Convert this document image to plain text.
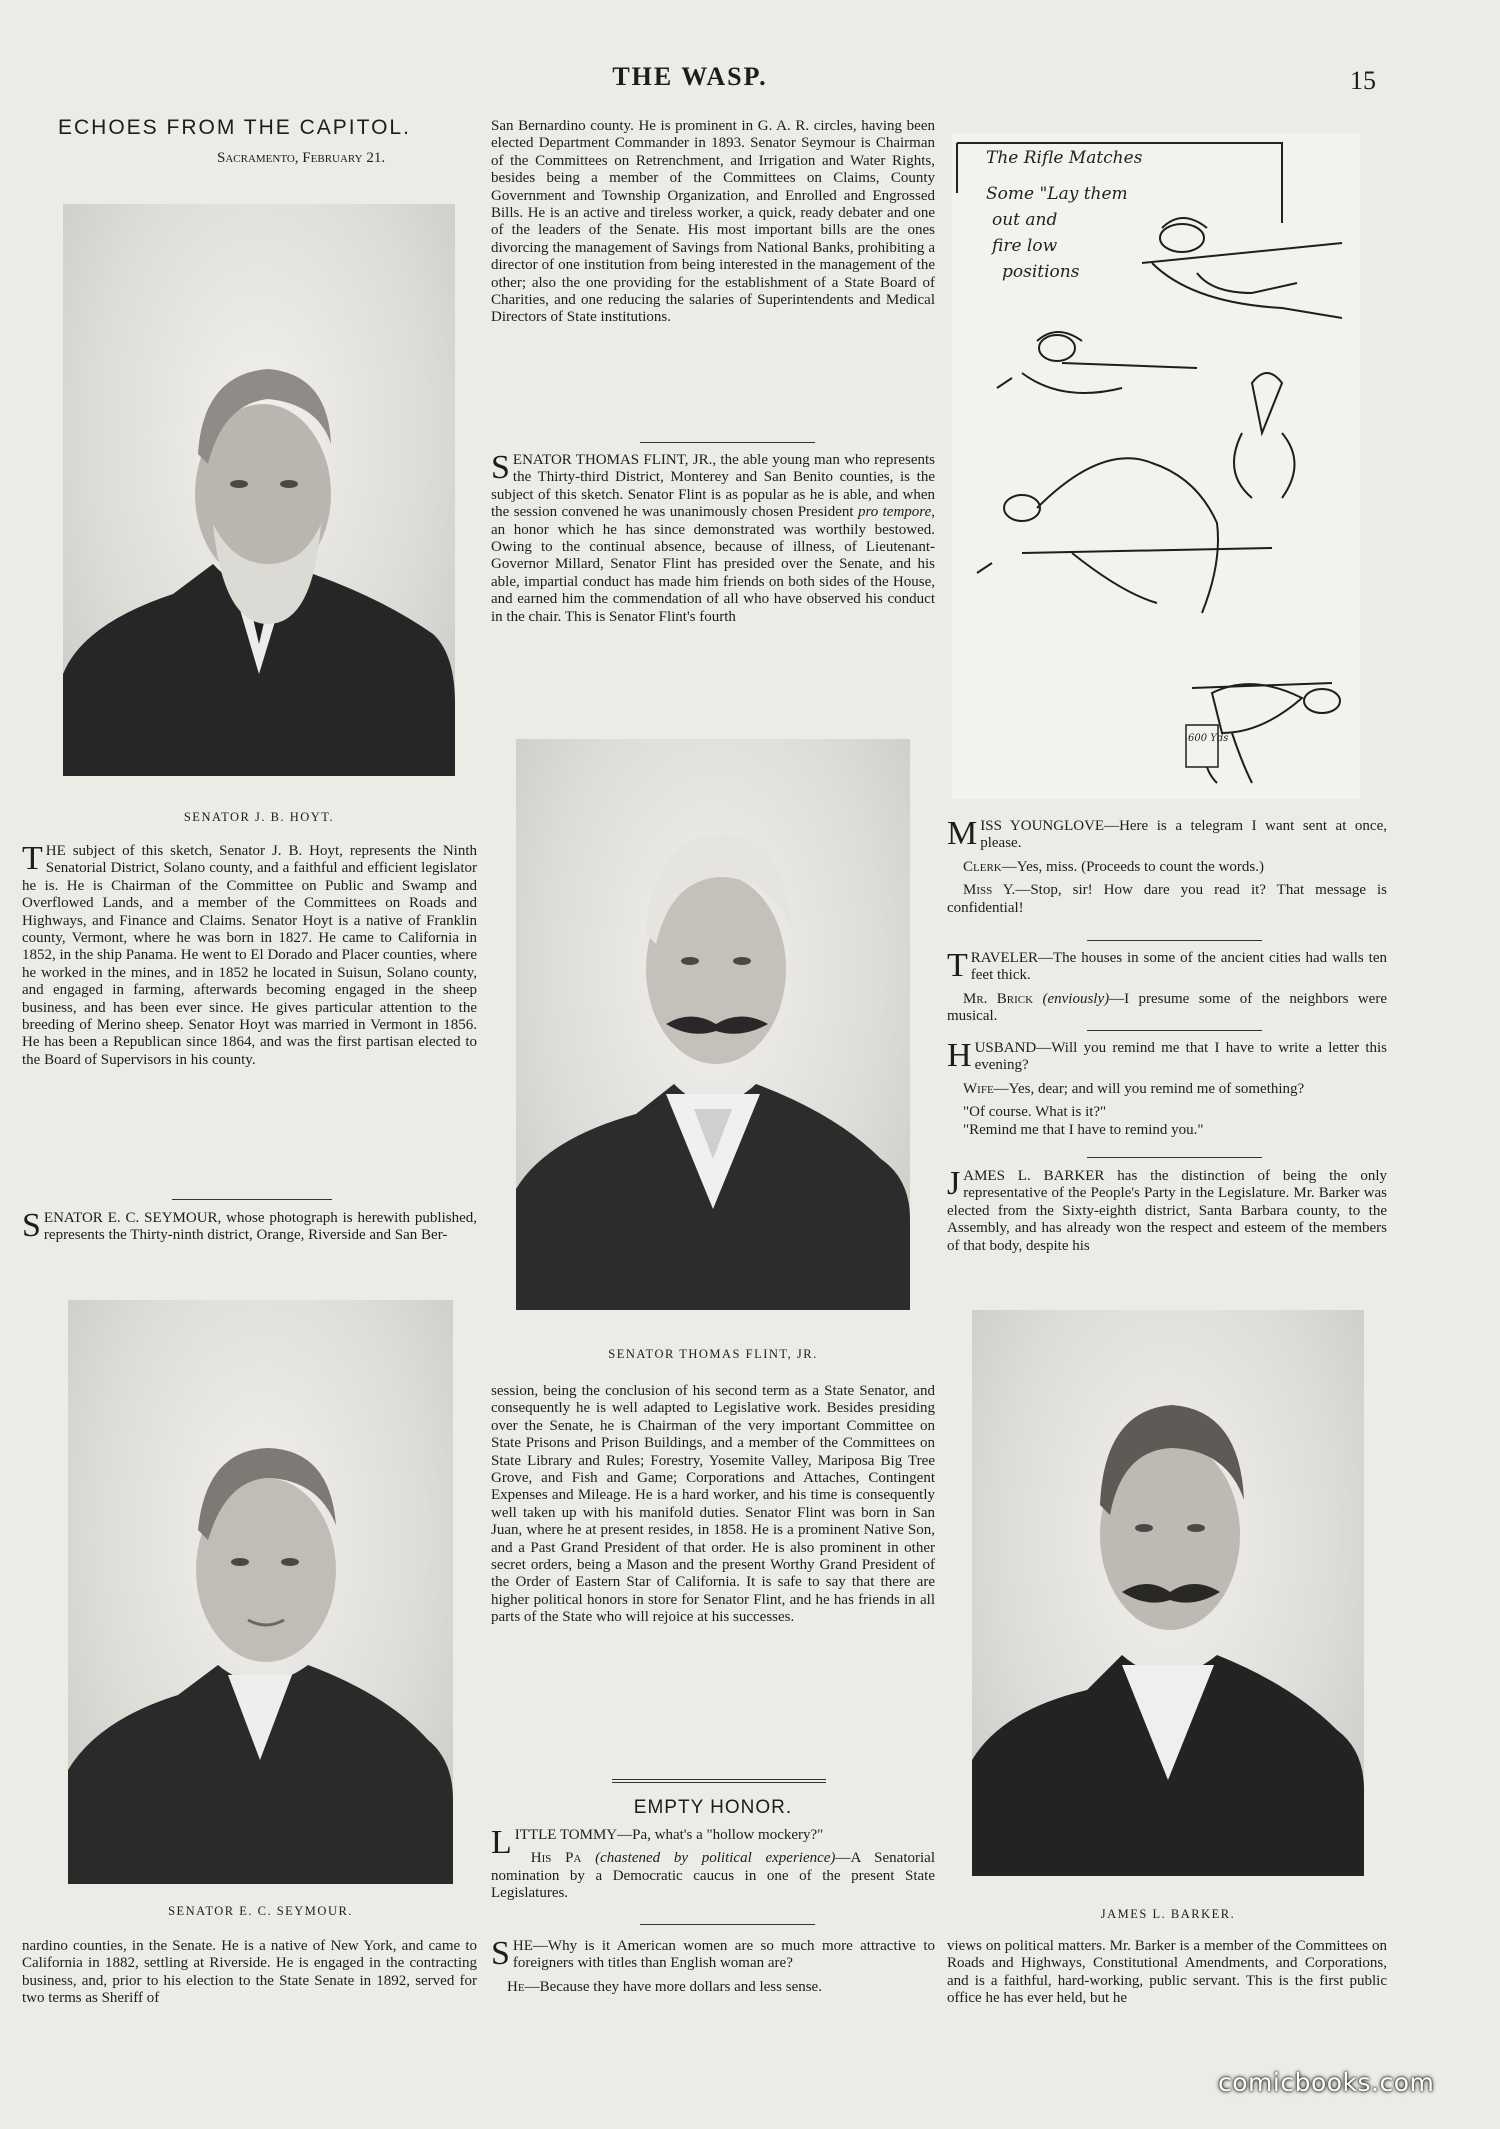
THE WASP.	15
ECHOES FROM THE CAPITOL.
Sacramento, February 21.
SENATOR J. B. HOYT.

THE subject of this sketch, Senator J. B. Hoyt, represents the Ninth Senatorial District, Solano county, and a faithful and efficient legislator he is. He is Chairman of the Committee on Public and Swamp and Overflowed Lands, and a member of the Committees on Roads and Highways, and Finance and Claims. Senator Hoyt is a native of Franklin county, Vermont, where he was born in 1827. He came to California in 1852, in the ship Panama. He went to El Dorado and Placer counties, where he worked in the mines, and in 1852 he located in Suisun, Solano county, and engaged in farming, afterwards becoming engaged in the sheep business, and has been ever since. He gives particular attention to the breeding of Merino sheep. Senator Hoyt was married in Vermont in 1856. He has been a Republican since 1864, and was the first partisan elected to the Board of Supervisors in his county.

SENATOR E. C. SEYMOUR, whose photograph is herewith published, represents the Thirty-ninth district, Orange, Riverside and San Ber-

SENATOR E. C. SEYMOUR.

nardino counties, in the Senate. He is a native of New York, and came to California in 1882, settling at Riverside. He is engaged in the contracting business, and, prior to his election to the State Senate in 1892, served for two terms as Sheriff of

San Bernardino county. He is prominent in G. A. R. circles, having been elected Department Commander in 1893. Senator Seymour is Chairman of the Committees on Retrenchment, and Irrigation and Water Rights, besides being a member of the Committees on Claims, County Government and Township Organization, and Enrolled and Engrossed Bills. He is an active and tireless worker, a quick, ready debater and one of the leaders of the Senate. His most important bills are the ones divorcing the management of Savings from National Banks, prohibiting a director of one institution from being interested in the management of the other; also the one providing for the establishment of a State Board of Charities, and one reducing the salaries of Superintendents and Medical Directors of State institutions.

SENATOR THOMAS FLINT, JR., the able young man who represents the Thirty-third District, Monterey and San Benito counties, is the subject of this sketch. Senator Flint is as popular as he is able, and when the session convened he was unanimously chosen President pro tempore, an honor which he has since demonstrated was worthily bestowed. Owing to the continual absence, because of illness, of Lieutenant-Governor Millard, Senator Flint has presided over the Senate, and his able, impartial conduct has made him friends on both sides of the House, and earned him the commendation of all who have observed his conduct in the chair. This is Senator Flint's fourth

SENATOR THOMAS FLINT, JR.

session, being the conclusion of his second term as a State Senator, and consequently he is well adapted to Legislative work. Besides presiding over the Senate, he is Chairman of the very important Committee on State Prisons and Prison Buildings, and a member of the Committees on State Library and Rules; Forestry, Yosemite Valley, Mariposa Big Tree Grove, and Fish and Game; Corporations and Attaches, Contingent Expenses and Mileage. He is a hard worker, and his time is consequently well taken up with his manifold duties. Senator Flint was born in San Juan, where he at present resides, in 1858. He is a prominent Native Son, and a Past Grand President of that order. He is also prominent in other secret orders, being a Mason and the present Worthy Grand President of the Order of Eastern Star of California. It is safe to say that there are higher political honors in store for Senator Flint, and he has friends in all parts of the State who will rejoice at his successes.

EMPTY HONOR.

LITTLE TOMMY—Pa, what's a "hollow mockery?"

His Pa (chastened by political experience)—A Senatorial nomination by a Democratic caucus in one of the present State Legislatures.

SHE—Why is it American women are so much more attractive to foreigners with titles than English woman are?

He—Because they have more dollars and less sense.

The Rifle Matches
Some "Lay them
out and
fire low
positions
600 Yds

MISS YOUNGLOVE—Here is a telegram I want sent at once, please.

Clerk—Yes, miss. (Proceeds to count the words.)

Miss Y.—Stop, sir! How dare you read it? That message is confidential!

TRAVELER—The houses in some of the ancient cities had walls ten feet thick.

Mr. Brick (enviously)—I presume some of the neighbors were musical.

HUSBAND—Will you remind me that I have to write a letter this evening?

Wife—Yes, dear; and will you remind me of something?

"Of course. What is it?"

"Remind me that I have to remind you."

JAMES L. BARKER has the distinction of being the only representative of the People's Party in the Legislature. Mr. Barker was elected from the Sixty-eighth district, Santa Barbara county, to the Assembly, and has already won the respect and esteem of the members of that body, despite his

JAMES L. BARKER.

views on political matters. Mr. Barker is a member of the Committees on Roads and Highways, Constitutional Amendments, and Corporations, and is a faithful, hard-working, public servant. This is the first public office he has ever held, but he

comicbooks.com
